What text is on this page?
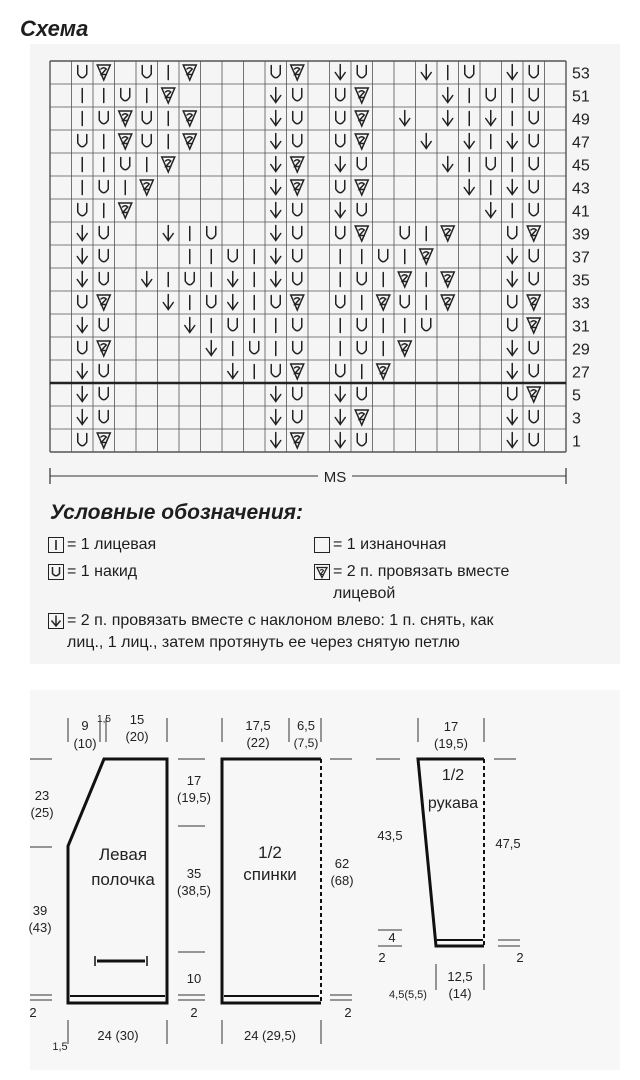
Схема
53
51
49
47
45
43
41
39
37
35
33
31
29
27
5
3
1
MS
Условные обозначения:
= 1 лицевая	= 1 изнаночная
= 1 накид	= 2 п. провязать вместе
лицевой
= 2 п. провязать вместе с наклоном влево: 1 п. снять, как
лиц., 1 лиц., затем протянуть ее через снятую петлю
Левая
полочка
9
(10)
1,5 15
(20)
23
(25)
39
(43)
2
17
(19,5)
35
(38,5)
10
2
24 (30)
1,5
1/2
спинки
17,5
(22)
6,5
(7,5)
62
(68)
2
24 (29,5)
1/2
рукава
17
(19,5)
43,5
4
2
47,5
2
12,5
(14)
4,5(5,5)
